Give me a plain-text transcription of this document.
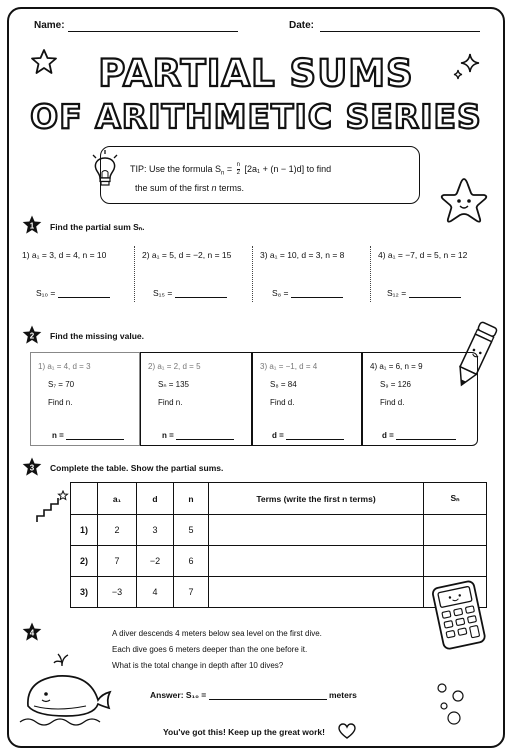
Name:	Date:
PARTIAL SUMS
OF ARITHMETIC SERIES
TIP: Use the formula $S_n = \frac{n}{2} [2a_1 + (n - 1)d]$ to find
the sum of the first n terms.
1 Find the partial sum Sₙ.
1) a₁ = 3, d = 4, n = 10	2) a₁ = 5, d = −2, n = 15	3) a₁ = 10, d = 3, n = 8	4) a₁ = −7, d = 5, n = 12
S₁₀ =	S₁₅ =	S₈ =	S₁₂ =
2 Find the missing value.
1) a₁ = 4, d = 3
S₇ = 70
Find n.
n =
2) a₁ = 2, d = 5
Sₙ = 135
Find n.
n =
3) a₁ = −1, d = 4
S₈ = 84
Find d.
d =
4) a₁ = 6, n = 9
S₉ = 126
Find d.
d =
3 Complete the table. Show the partial sums.
	a₁	d	n	Terms (write the first n terms)	Sₙ
1)	2	3	5		
2)	7	−2	6		
3)	−3	4	7		
4	A diver descends 4 meters below sea level on the first dive.
Each dive goes 6 meters deeper than the one before it.
What is the total change in depth after 10 dives?
Answer: S₁₀ =	meters
You've got this! Keep up the great work!
